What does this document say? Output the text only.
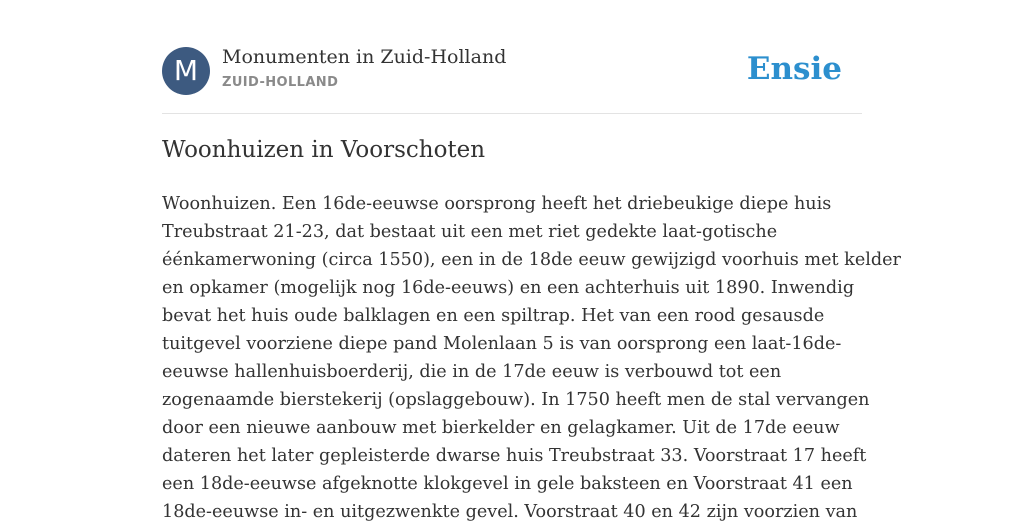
M	Monumenten in Zuid-Holland
ZUID-HOLLAND	Ensie
Woonhuizen in Voorschoten
Woonhuizen. Een 16de-eeuwse oorsprong heeft het driebeukige diepe huis
Treubstraat 21-23, dat bestaat uit een met riet gedekte laat-gotische
éénkamerwoning (circa 1550), een in de 18de eeuw gewijzigd voorhuis met kelder
en opkamer (mogelijk nog 16de-eeuws) en een achterhuis uit 1890. Inwendig
bevat het huis oude balklagen en een spiltrap. Het van een rood gesausde
tuitgevel voorziene diepe pand Molenlaan 5 is van oorsprong een laat-16de-
eeuwse hallenhuisboerderij, die in de 17de eeuw is verbouwd tot een
zogenaamde bierstekerij (opslaggebouw). In 1750 heeft men de stal vervangen
door een nieuwe aanbouw met bierkelder en gelagkamer. Uit de 17de eeuw
dateren het later gepleisterde dwarse huis Treubstraat 33. Voorstraat 17 heeft
een 18de-eeuwse afgeknotte klokgevel in gele baksteen en Voorstraat 41 een
18de-eeuwse in- en uitgezwenkte gevel. Voorstraat 40 en 42 zijn voorzien van
